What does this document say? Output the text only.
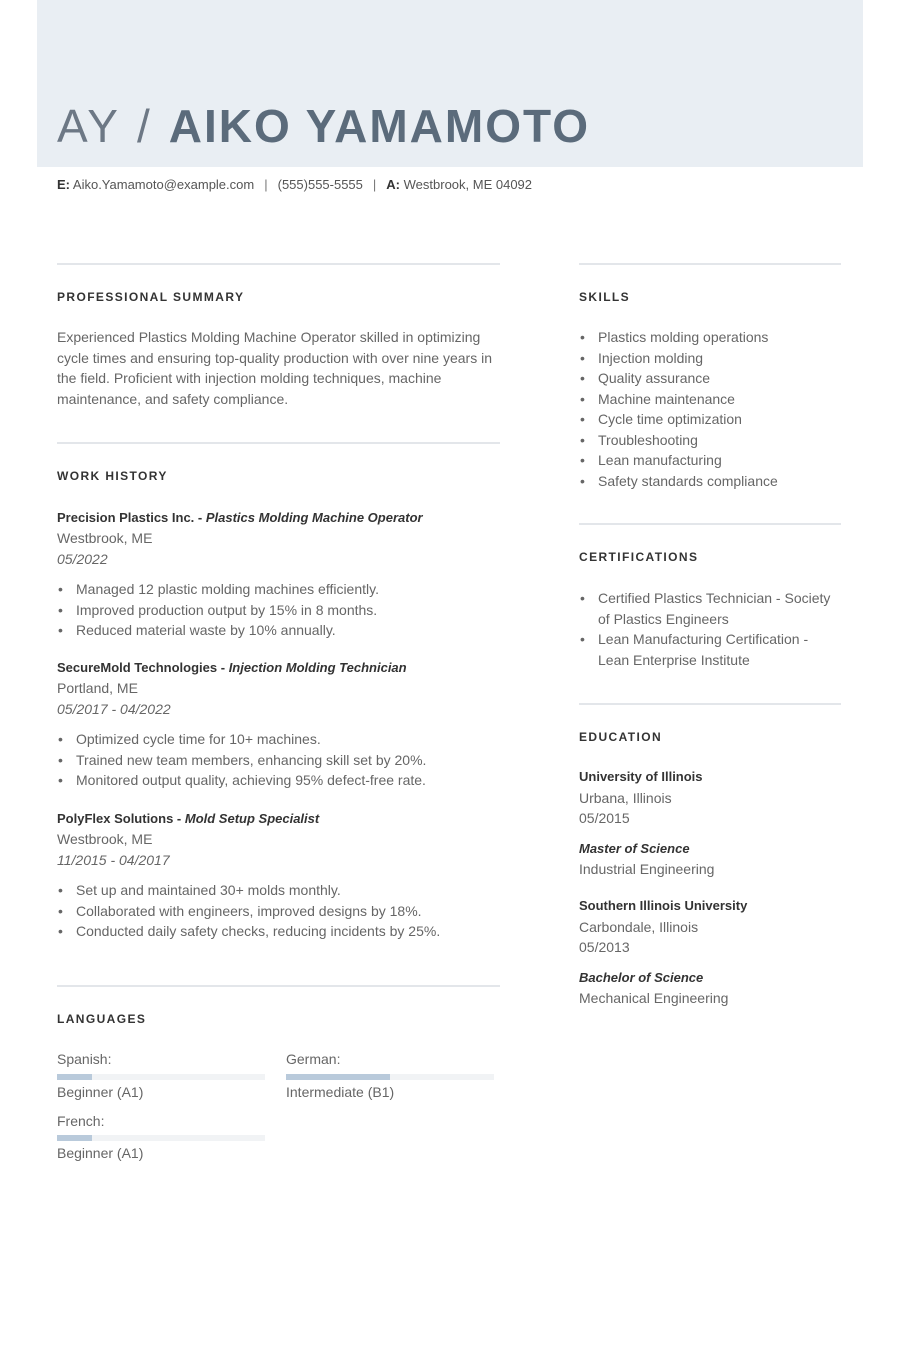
AY / AIKO YAMAMOTO
E: Aiko.Yamamoto@example.com | (555)555-5555 | A: Westbrook, ME 04092
PROFESSIONAL SUMMARY
Experienced Plastics Molding Machine Operator skilled in optimizing cycle times and ensuring top-quality production with over nine years in the field. Proficient with injection molding techniques, machine maintenance, and safety compliance.
WORK HISTORY
Precision Plastics Inc. - Plastics Molding Machine Operator
Westbrook, ME
05/2022
• Managed 12 plastic molding machines efficiently.
• Improved production output by 15% in 8 months.
• Reduced material waste by 10% annually.
SecureMold Technologies - Injection Molding Technician
Portland, ME
05/2017 - 04/2022
• Optimized cycle time for 10+ machines.
• Trained new team members, enhancing skill set by 20%.
• Monitored output quality, achieving 95% defect-free rate.
PolyFlex Solutions - Mold Setup Specialist
Westbrook, ME
11/2015 - 04/2017
• Set up and maintained 30+ molds monthly.
• Collaborated with engineers, improved designs by 18%.
• Conducted daily safety checks, reducing incidents by 25%.
LANGUAGES
Spanish:
Beginner (A1)
German:
Intermediate (B1)
French:
Beginner (A1)
SKILLS
• Plastics molding operations
• Injection molding
• Quality assurance
• Machine maintenance
• Cycle time optimization
• Troubleshooting
• Lean manufacturing
• Safety standards compliance
CERTIFICATIONS
• Certified Plastics Technician - Society of Plastics Engineers
• Lean Manufacturing Certification - Lean Enterprise Institute
EDUCATION
University of Illinois
Urbana, Illinois
05/2015
Master of Science
Industrial Engineering
Southern Illinois University
Carbondale, Illinois
05/2013
Bachelor of Science
Mechanical Engineering
